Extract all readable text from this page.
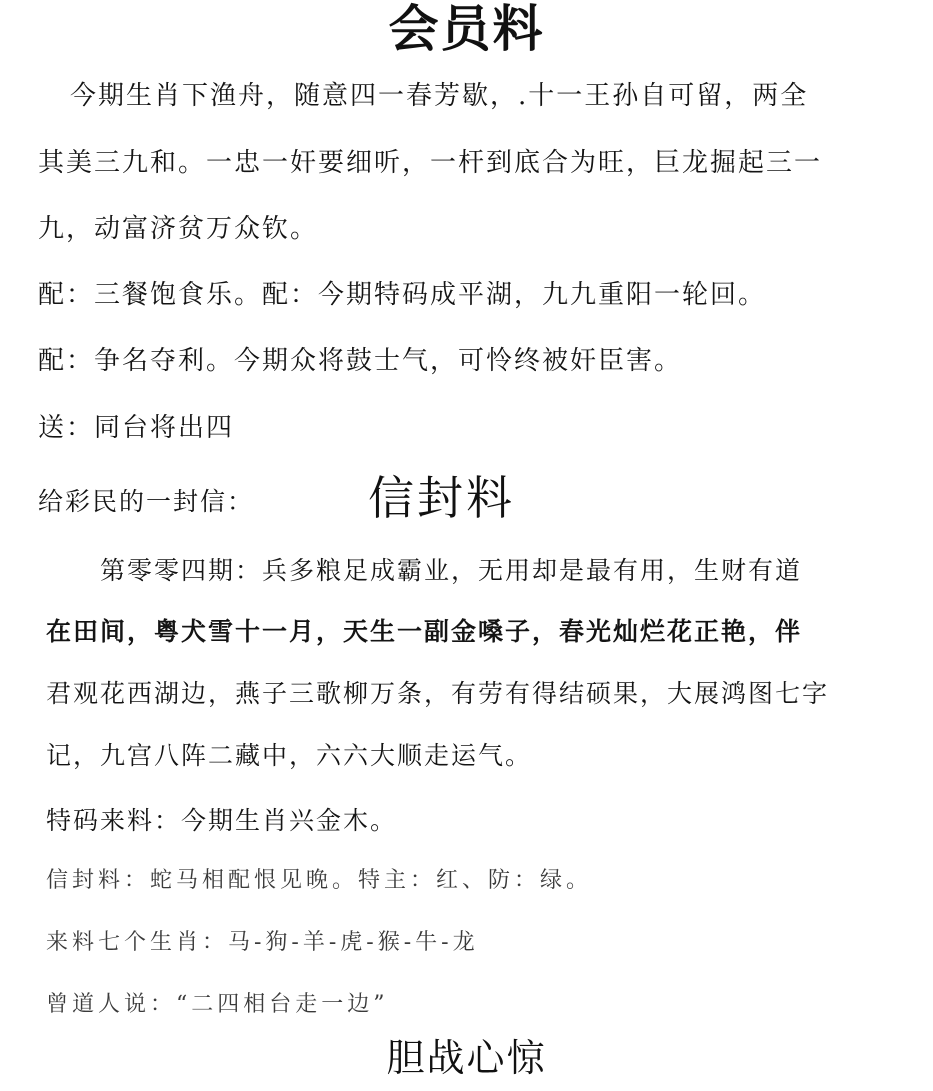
会员料
今期生肖下渔舟，随意四一春芳歇，.十一王孙自可留，两全
其美三九和。一忠一奸要细听，一杆到底合为旺，巨龙掘起三一
九，动富济贫万众钦。
配：三餐饱食乐。配：今期特码成平湖，九九重阳一轮回。
配：争名夺利。今期众将鼓士气，可怜终被奸臣害。
送：同台将出四
给彩民的一封信： 信封料
第零零四期：兵多粮足成霸业，无用却是最有用，生财有道
在田间，粤犬雪十一月，天生一副金嗓子，春光灿烂花正艳，伴
君观花西湖边，燕子三歌柳万条，有劳有得结硕果，大展鸿图七字
记，九宫八阵二藏中，六六大顺走运气。
特码来料：今期生肖兴金木。
信封料：蛇马相配恨见晚。特主：红、防：绿。
来料七个生肖：马-狗-羊-虎-猴-牛-龙
曾道人说：“二四相台走一边”
胆战心惊
